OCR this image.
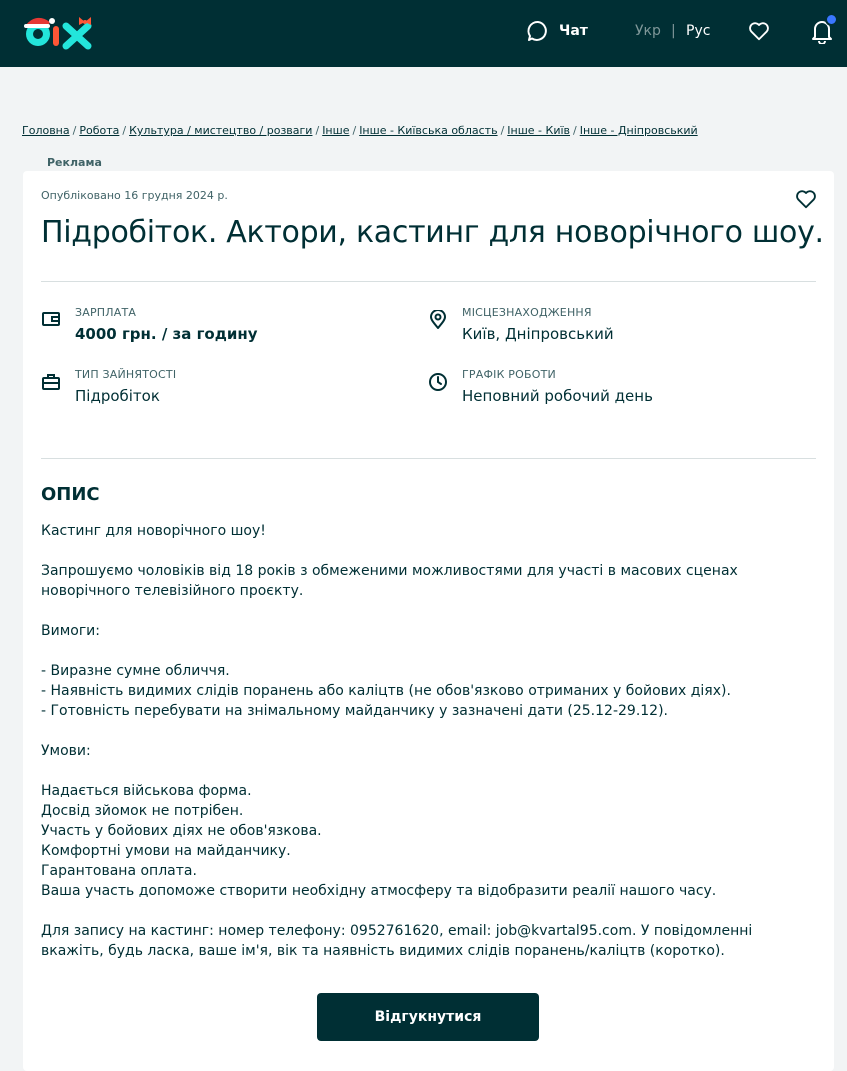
Чат	Укр | Рус
Головна / Робота / Культура / мистецтво / розваги / Інше / Інше - Київська область / Інше - Київ / Інше - Дніпровський
Реклама
Опубліковано 16 грудня 2024 р.
Підробіток. Актори, кастинг для новорічного шоу.
ЗАРПЛАТА
4000 грн. / за годину
МІСЦЕЗНАХОДЖЕННЯ
Київ, Дніпровський
ТИП ЗАЙНЯТОСТІ
Підробіток
ГРАФІК РОБОТИ
Неповний робочий день
ОПИС
Кастинг для новорічного шоу!

Запрошуємо чоловіків від 18 років з обмеженими можливостями для участі в масових сценах новорічного телевізійного проєкту.

Вимоги:

- Виразне сумне обличчя.
- Наявність видимих слідів поранень або каліцтв (не обов'язково отриманих у бойових діях).
- Готовність перебувати на знімальному майданчику у зазначені дати (25.12-29.12).

Умови:

Надається військова форма.
Досвід зйомок не потрібен.
Участь у бойових діях не обов'язкова.
Комфортні умови на майданчику.
Гарантована оплата.
Ваша участь допоможе створити необхідну атмосферу та відобразити реалії нашого часу.

Для запису на кастинг: номер телефону: 0952761620, email: job@kvartal95.com. У повідомленні вкажіть, будь ласка, ваше ім'я, вік та наявність видимих слідів поранень/каліцтв (коротко).
Відгукнутися
